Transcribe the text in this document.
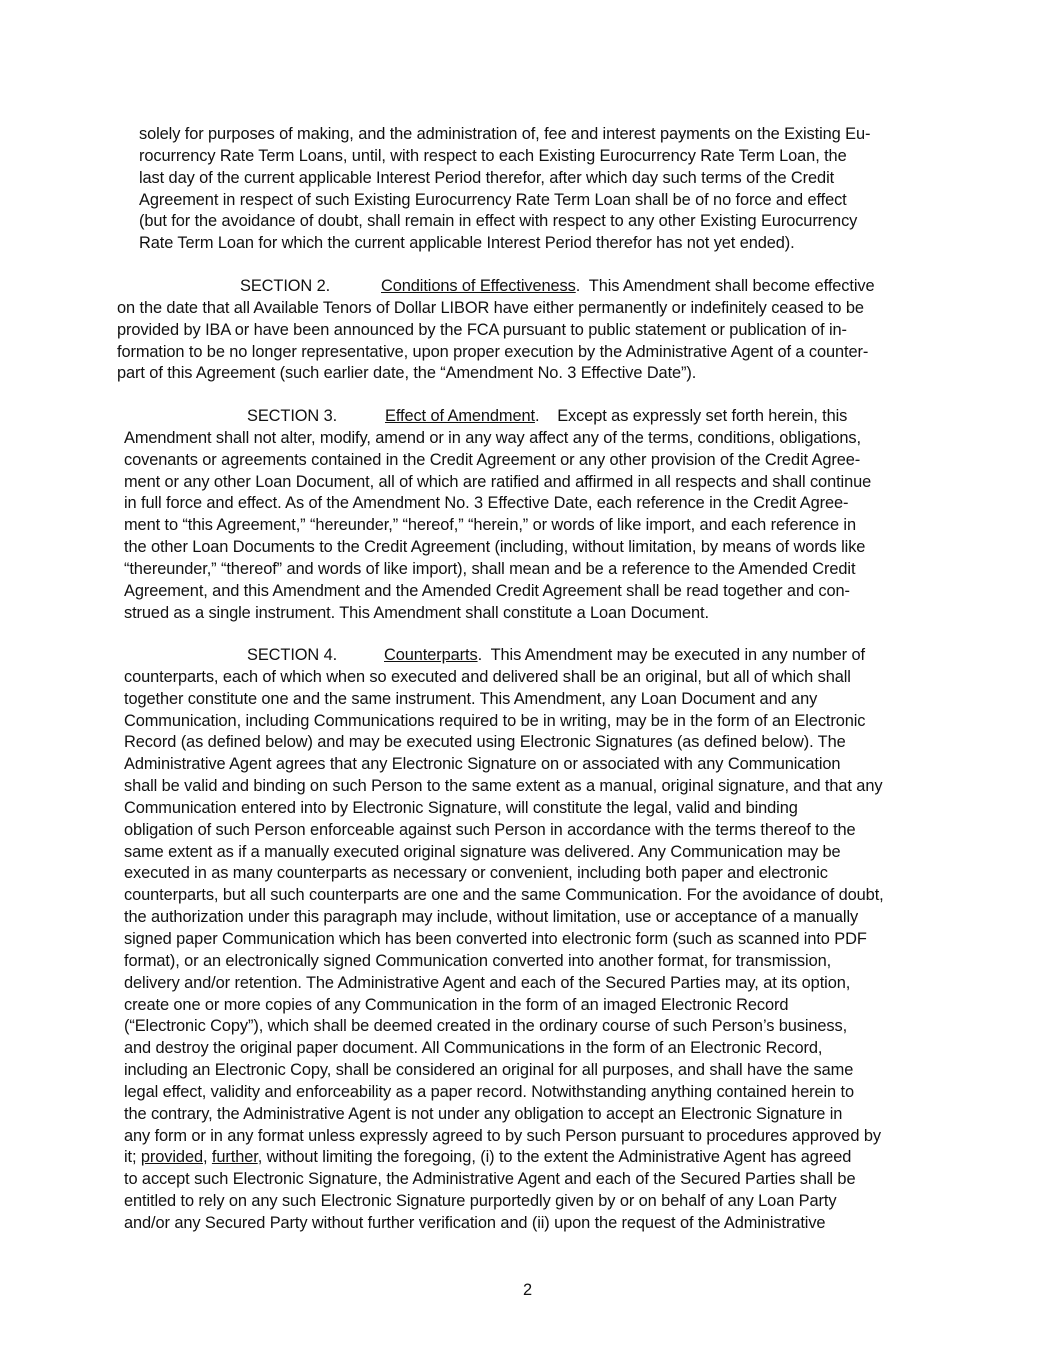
solely for purposes of making, and the administration of, fee and interest payments on the Existing Eu-
rocurrency Rate Term Loans, until, with respect to each Existing Eurocurrency Rate Term Loan, the
last day of the current applicable Interest Period therefor, after which day such terms of the Credit
Agreement in respect of such Existing Eurocurrency Rate Term Loan shall be of no force and effect
(but for the avoidance of doubt, shall remain in effect with respect to any other Existing Eurocurrency
Rate Term Loan for which the current applicable Interest Period therefor has not yet ended).
SECTION 2.	Conditions of Effectiveness.  This Amendment shall become effective
on the date that all Available Tenors of Dollar LIBOR have either permanently or indefinitely ceased to be
provided by IBA or have been announced by the FCA pursuant to public statement or publication of in-
formation to be no longer representative, upon proper execution by the Administrative Agent of a counter-
part of this Agreement (such earlier date, the “Amendment No. 3 Effective Date”).
SECTION 3.	Effect of Amendment.    Except as expressly set forth herein, this
Amendment shall not alter, modify, amend or in any way affect any of the terms, conditions, obligations,
covenants or agreements contained in the Credit Agreement or any other provision of the Credit Agree-
ment or any other Loan Document, all of which are ratified and affirmed in all respects and shall continue
in full force and effect. As of the Amendment No. 3 Effective Date, each reference in the Credit Agree-
ment to “this Agreement,” “hereunder,” “hereof,” “herein,” or words of like import, and each reference in
the other Loan Documents to the Credit Agreement (including, without limitation, by means of words like
“thereunder,” “thereof” and words of like import), shall mean and be a reference to the Amended Credit
Agreement, and this Amendment and the Amended Credit Agreement shall be read together and con-
strued as a single instrument. This Amendment shall constitute a Loan Document.
SECTION 4.	Counterparts.  This Amendment may be executed in any number of
counterparts, each of which when so executed and delivered shall be an original, but all of which shall
together constitute one and the same instrument. This Amendment, any Loan Document and any
Communication, including Communications required to be in writing, may be in the form of an Electronic
Record (as defined below) and may be executed using Electronic Signatures (as defined below). The
Administrative Agent agrees that any Electronic Signature on or associated with any Communication
shall be valid and binding on such Person to the same extent as a manual, original signature, and that any
Communication entered into by Electronic Signature, will constitute the legal, valid and binding
obligation of such Person enforceable against such Person in accordance with the terms thereof to the
same extent as if a manually executed original signature was delivered. Any Communication may be
executed in as many counterparts as necessary or convenient, including both paper and electronic
counterparts, but all such counterparts are one and the same Communication. For the avoidance of doubt,
the authorization under this paragraph may include, without limitation, use or acceptance of a manually
signed paper Communication which has been converted into electronic form (such as scanned into PDF
format), or an electronically signed Communication converted into another format, for transmission,
delivery and/or retention. The Administrative Agent and each of the Secured Parties may, at its option,
create one or more copies of any Communication in the form of an imaged Electronic Record
(“Electronic Copy”), which shall be deemed created in the ordinary course of such Person’s business,
and destroy the original paper document. All Communications in the form of an Electronic Record,
including an Electronic Copy, shall be considered an original for all purposes, and shall have the same
legal effect, validity and enforceability as a paper record. Notwithstanding anything contained herein to
the contrary, the Administrative Agent is not under any obligation to accept an Electronic Signature in
any form or in any format unless expressly agreed to by such Person pursuant to procedures approved by
it; provided, further, without limiting the foregoing, (i) to the extent the Administrative Agent has agreed
to accept such Electronic Signature, the Administrative Agent and each of the Secured Parties shall be
entitled to rely on any such Electronic Signature purportedly given by or on behalf of any Loan Party
and/or any Secured Party without further verification and (ii) upon the request of the Administrative
2
